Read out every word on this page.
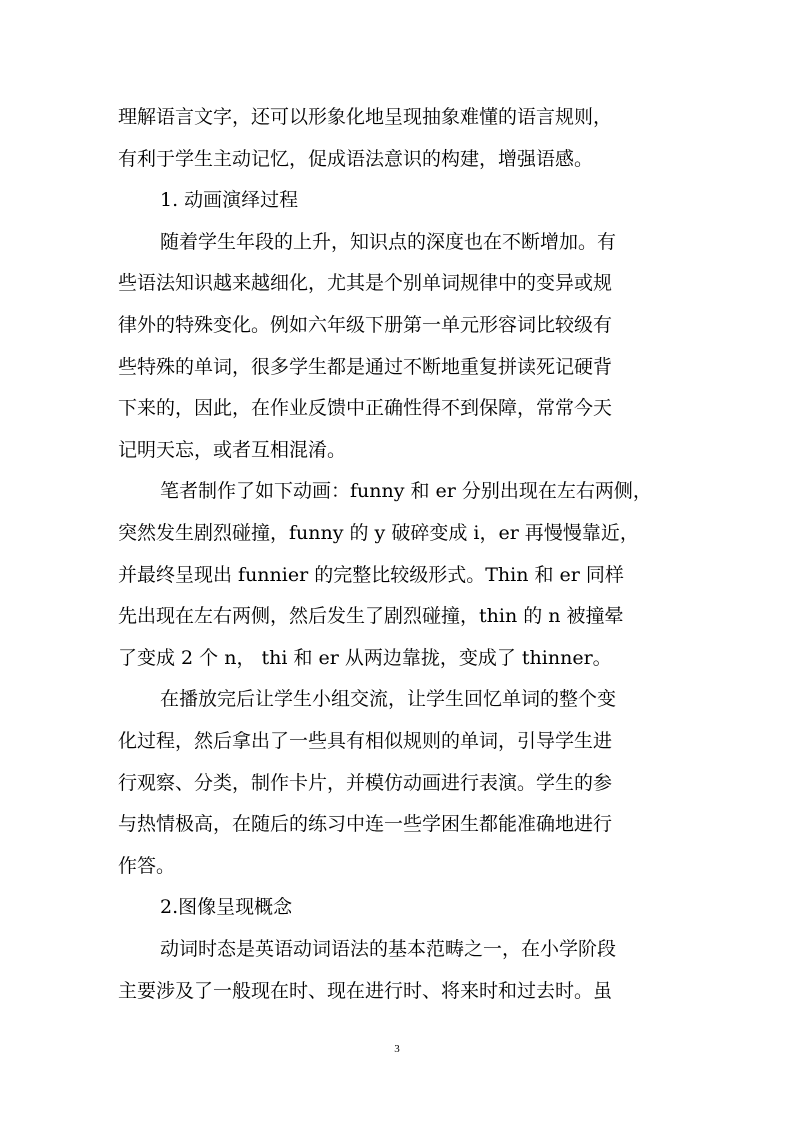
理解语言文字，还可以形象化地呈现抽象难懂的语言规则，
有利于学生主动记忆，促成语法意识的构建，增强语感。
1. 动画演绎过程
随着学生年段的上升，知识点的深度也在不断增加。有
些语法知识越来越细化，尤其是个别单词规律中的变异或规
律外的特殊变化。例如六年级下册第一单元形容词比较级有
些特殊的单词，很多学生都是通过不断地重复拼读死记硬背
下来的，因此，在作业反馈中正确性得不到保障，常常今天
记明天忘，或者互相混淆。
笔者制作了如下动画：funny 和 er 分别出现在左右两侧，
突然发生剧烈碰撞，funny 的 y 破碎变成 i，er 再慢慢靠近，
并最终呈现出 funnier 的完整比较级形式。Thin 和 er 同样
先出现在左右两侧，然后发生了剧烈碰撞，thin 的 n 被撞晕
了变成 2 个 n， thi 和 er 从两边靠拢，变成了 thinner。
在播放完后让学生小组交流，让学生回忆单词的整个变
化过程，然后拿出了一些具有相似规则的单词，引导学生进
行观察、分类，制作卡片，并模仿动画进行表演。学生的参
与热情极高，在随后的练习中连一些学困生都能准确地进行
作答。
2.图像呈现概念
动词时态是英语动词语法的基本范畴之一，在小学阶段
主要涉及了一般现在时、现在进行时、将来时和过去时。虽
3
